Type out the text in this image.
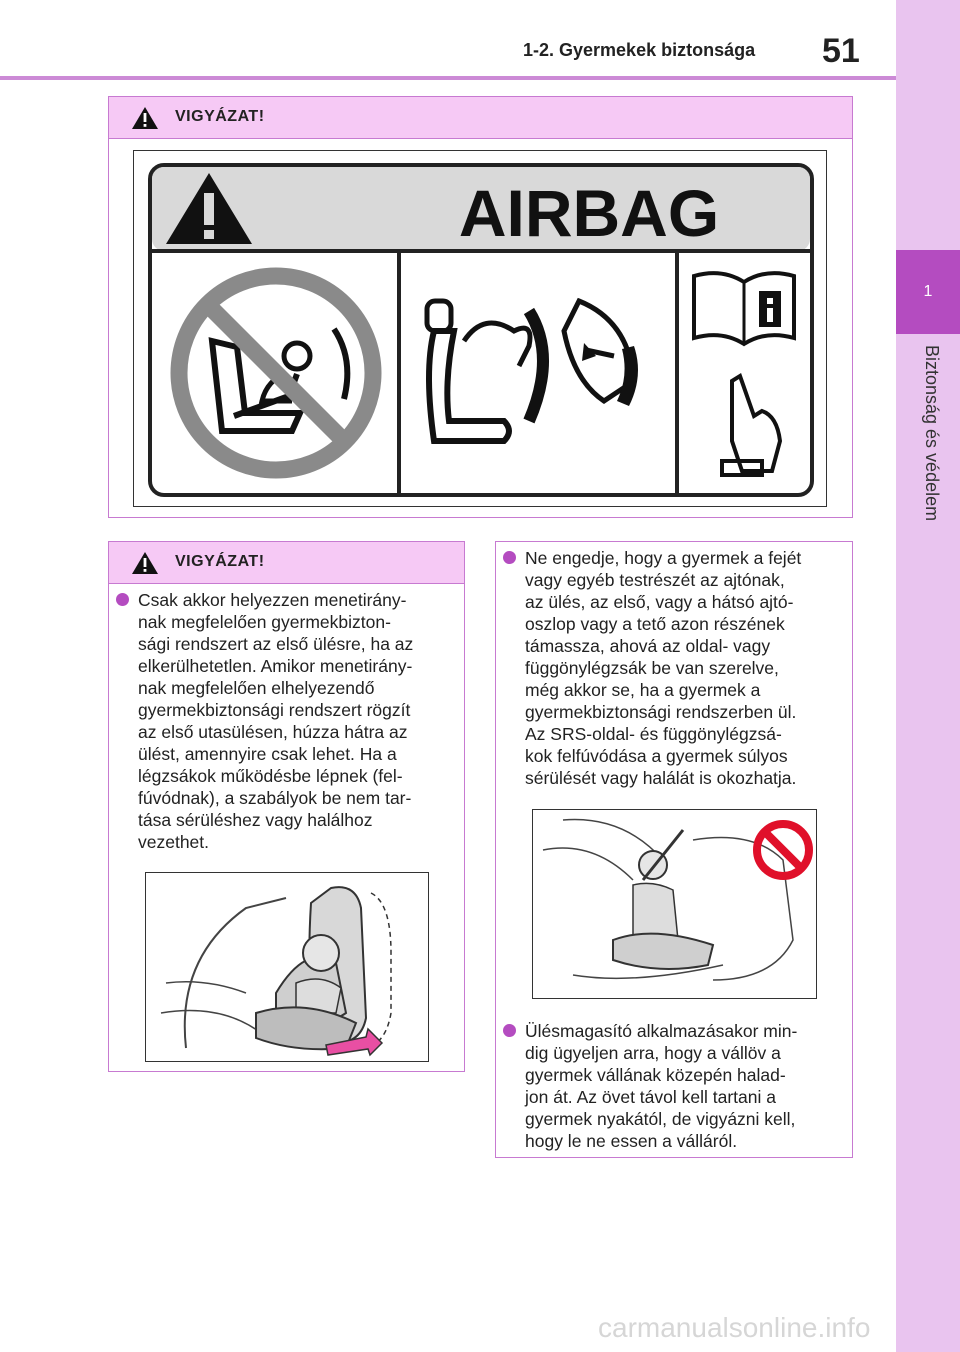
1-2. Gyermekek biztonsága 51
1
Biztonság és védelem
VIGYÁZAT!
AIRBAG
VIGYÁZAT!
Csak akkor helyezzen menetirány-
nak megfelelően gyermekbizton-
sági rendszert az első ülésre, ha az
elkerülhetetlen. Amikor menetirány-
nak megfelelően elhelyezendő
gyermekbiztonsági rendszert rögzít
az első utasülésen, húzza hátra az
ülést, amennyire csak lehet. Ha a
légzsákok működésbe lépnek (fel-
fúvódnak), a szabályok be nem tar-
tása sérüléshez vagy halálhoz
vezethet.
Ne engedje, hogy a gyermek a fejét
vagy egyéb testrészét az ajtónak,
az ülés, az első, vagy a hátsó ajtó-
oszlop vagy a tető azon részének
támassza, ahová az oldal- vagy
függönylégzsák be van szerelve,
még akkor se, ha a gyermek a
gyermekbiztonsági rendszerben ül.
Az SRS-oldal- és függönylégzsá-
kok felfúvódása a gyermek súlyos
sérülését vagy halálát is okozhatja.
Ülésmagasító alkalmazásakor min-
dig ügyeljen arra, hogy a vállöv a
gyermek vállának közepén halad-
jon át. Az övet távol kell tartani a
gyermek nyakától, de vigyázni kell,
hogy le ne essen a válláról.
carmanualsonline.info
